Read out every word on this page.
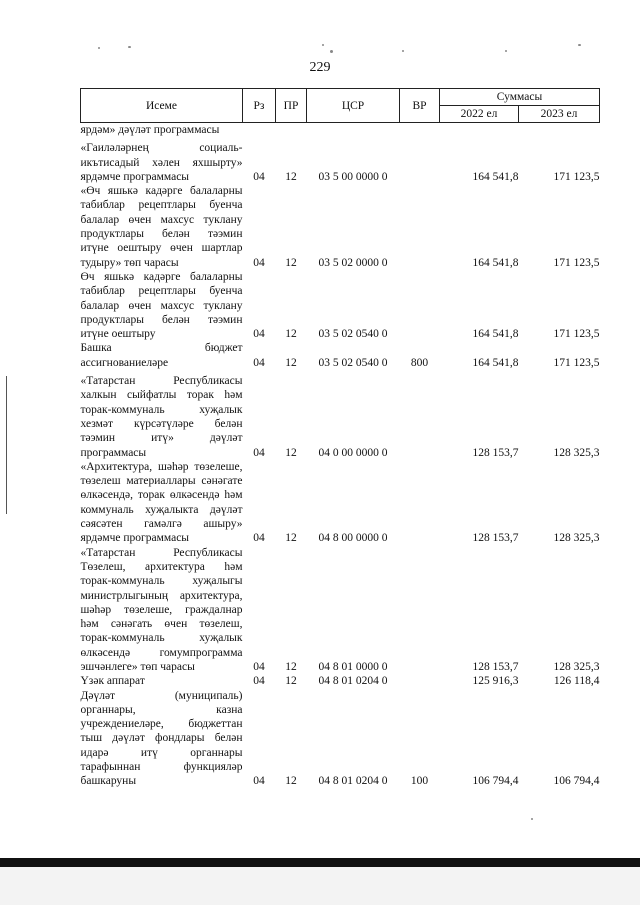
229
Исеме	Рз	ПР	ЦСР	ВР	Суммасы	
					2022 ел	2023 ел
ярдәм» дәүләт программасы						
«Гаиләләрнең социаль-икътисадый хәлен яхшырту» ярдәмче программасы	04	12	03 5 00 0000 0		164 541,8	171 123,5
«Өч яшькә кадәрге балаларны табиблар рецептлары буенча балалар өчен махсус туклану продуктлары белән тәэмин итүне оештыру өчен шартлар тудыру» төп чарасы	04	12	03 5 02 0000 0		164 541,8	171 123,5
Өч яшькә кадәрге балаларны табиблар рецептлары буенча балалар өчен махсус туклану продуктлары белән тәэмин итүне оештыру	04	12	03 5 02 0540 0		164 541,8	171 123,5
Башка бюджет ассигнованиеләре	04	12	03 5 02 0540 0	800	164 541,8	171 123,5
«Татарстан Республикасы халкын сыйфатлы торак һәм торак-коммуналь хуҗалык хезмәт күрсәтүләре белән тәэмин итү» дәүләт программасы	04	12	04 0 00 0000 0		128 153,7	128 325,3
«Архитектура, шәһәр төзелеше, төзелеш материаллары сәнәгате өлкәсендә, торак өлкәсендә һәм коммуналь хуҗалыкта дәүләт сәясәтен гамәлгә ашыру» ярдәмче программасы	04	12	04 8 00 0000 0		128 153,7	128 325,3
«Татарстан Республикасы Төзелеш, архитектура һәм торак-коммуналь хуҗалыгы министрлыгының архитектура, шәһәр төзелеше, граждалнар һәм сәнәгать өчен төзелеш, торак-коммуналь хуҗалык өлкәсендә гомумпрограмма эшчәнлеге» төп чарасы	04	12	04 8 01 0000 0		128 153,7	128 325,3
Үзәк аппарат	04	12	04 8 01 0204 0		125 916,3	126 118,4
Дәүләт (муниципаль) органнары, казна учреждениеләре, бюджеттан тыш дәүләт фондлары белән идарә итү органнары тарафыннан функцияләр башкаруны	04	12	04 8 01 0204 0	100	106 794,4	106 794,4
